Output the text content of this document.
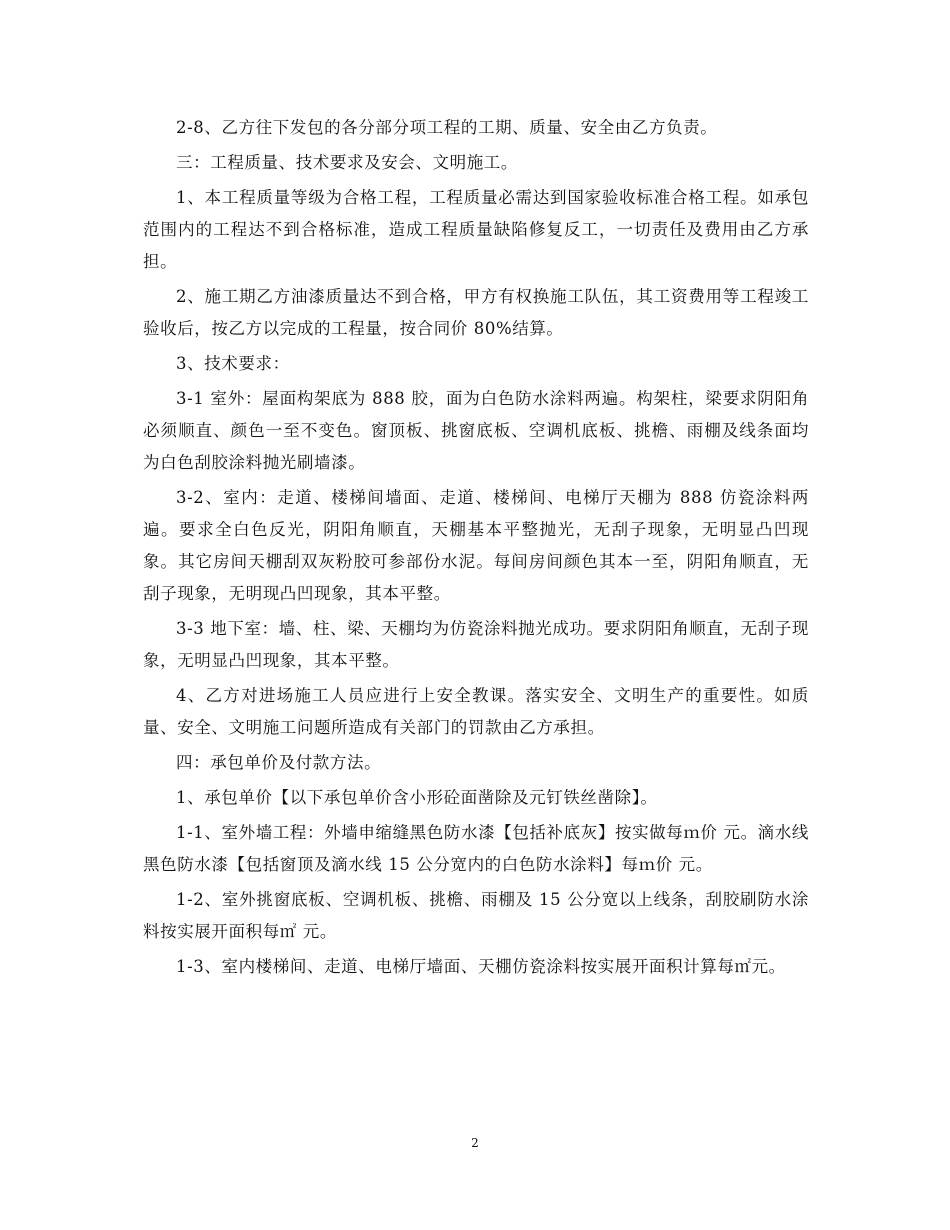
2-8、乙方往下发包的各分部分项工程的工期、质量、安全由乙方负责。

三：工程质量、技术要求及安会、文明施工。

1、本工程质量等级为合格工程，工程质量必需达到国家验收标准合格工程。如承包范围内的工程达不到合格标准，造成工程质量缺陷修复反工，一切责任及费用由乙方承担。

2、施工期乙方油漆质量达不到合格，甲方有权换施工队伍，其工资费用等工程竣工验收后，按乙方以完成的工程量，按合同价 80%结算。

3、技术要求：

3-1 室外：屋面构架底为 888 胶，面为白色防水涂料两遍。构架柱，梁要求阴阳角必须顺直、颜色一至不变色。窗顶板、挑窗底板、空调机底板、挑檐、雨棚及线条面均为白色刮胶涂料抛光刷墙漆。

3-2、室内：走道、楼梯间墙面、走道、楼梯间、电梯厅天棚为 888 仿瓷涂料两遍。要求全白色反光，阴阳角顺直，天棚基本平整抛光，无刮子现象，无明显凸凹现象。其它房间天棚刮双灰粉胶可参部份水泥。每间房间颜色其本一至，阴阳角顺直，无刮子现象，无明现凸凹现象，其本平整。

3-3 地下室：墙、柱、梁、天棚均为仿瓷涂料抛光成功。要求阴阳角顺直，无刮子现象，无明显凸凹现象，其本平整。

4、乙方对进场施工人员应进行上安全教课。落实安全、文明生产的重要性。如质量、安全、文明施工问题所造成有关部门的罚款由乙方承担。

四：承包单价及付款方法。

1、承包单价【以下承包单价含小形砼面凿除及元钉铁丝凿除】。

1-1、室外墙工程：外墙申缩缝黑色防水漆【包括补底灰】按实做每ｍ价 元。滴水线黑色防水漆【包括窗顶及滴水线 15 公分宽内的白色防水涂料】每ｍ价 元。

1-2、室外挑窗底板、空调机板、挑檐、雨棚及 15 公分宽以上线条，刮胶刷防水涂料按实展开面积每㎡ 元。

1-3、室内楼梯间、走道、电梯厅墙面、天棚仿瓷涂料按实展开面积计算每㎡元。

2
